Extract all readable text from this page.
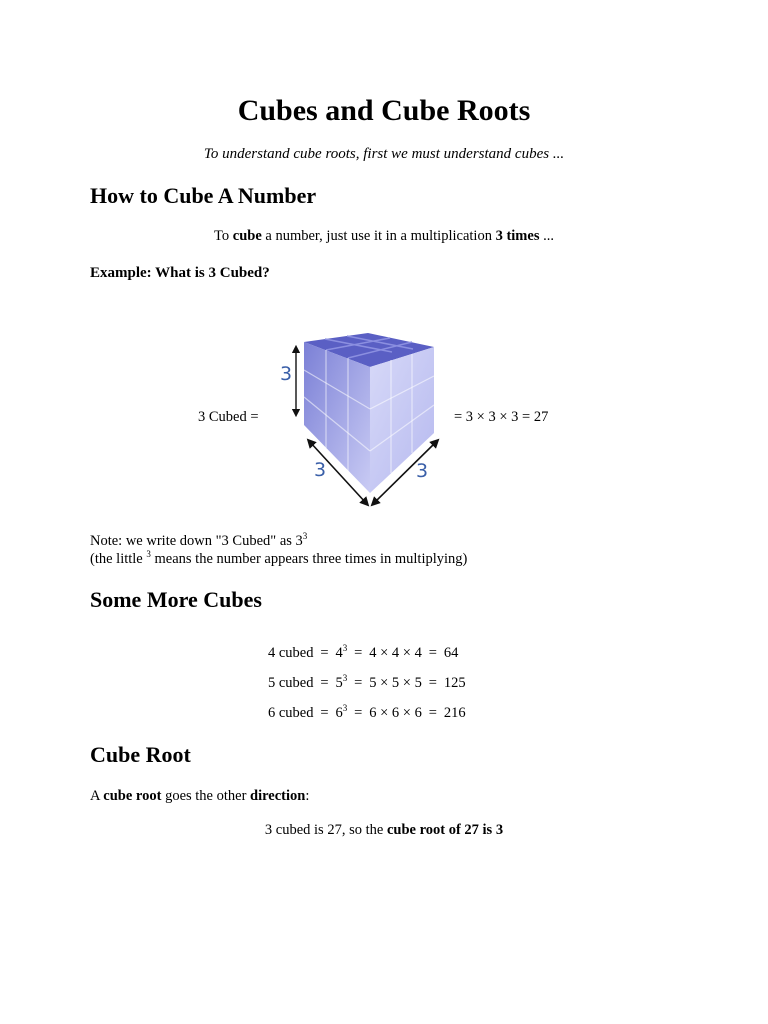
Cubes and Cube Roots
To understand cube roots, first we must understand cubes ...
How to Cube A Number
To cube a number, just use it in a multiplication 3 times ...
Example: What is 3 Cubed?
3 Cubed =	= 3 × 3 × 3 = 27
3
3	3
Note: we write down "3 Cubed" as $3^3$
(the little $^3$ means the number appears three times in multiplying)
Some More Cubes
4 cubed	=	$4^3$	=	4 × 4 × 4	=	64
5 cubed	=	$5^3$	=	5 × 5 × 5	=	125
6 cubed	=	$6^3$	=	6 × 6 × 6	=	216
Cube Root
A cube root goes the other direction:
3 cubed is 27, so the cube root of 27 is 3
